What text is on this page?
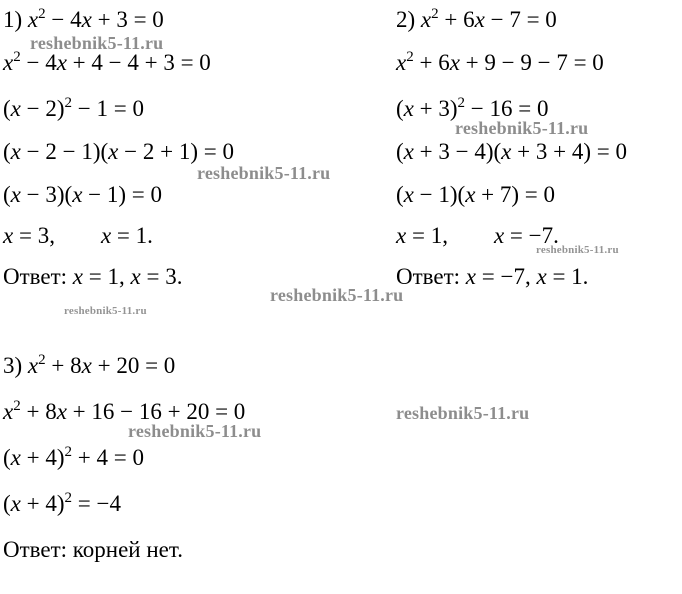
1) $x^2 - 4x + 3 = 0$
$x^2 - 4x + 4 - 4 + 3 = 0$
$(x - 2)^2 - 1 = 0$
(x − 2 − 1)(x − 2 + 1) = 0
(x − 3)(x − 1) = 0
x = 3,        x = 1.
Ответ: x = 1, x = 3.
2) $x^2 + 6x - 7 = 0$
$x^2 + 6x + 9 - 9 - 7 = 0$
$(x + 3)^2 - 16 = 0$
(x + 3 − 4)(x + 3 + 4) = 0
(x − 1)(x + 7) = 0
x = 1,        x = −7.
Ответ: x = −7, x = 1.
3) $x^2 + 8x + 20 = 0$
$x^2 + 8x + 16 - 16 + 20 = 0$
$(x + 4)^2 + 4 = 0$
$(x + 4)^2 = -4$
Ответ: корней нет.
reshebnik5-11.ru
reshebnik5-11.ru
reshebnik5-11.ru
reshebnik5-11.ru
reshebnik5-11.ru
reshebnik5-11.ru
reshebnik5-11.ru
reshebnik5-11.ru
